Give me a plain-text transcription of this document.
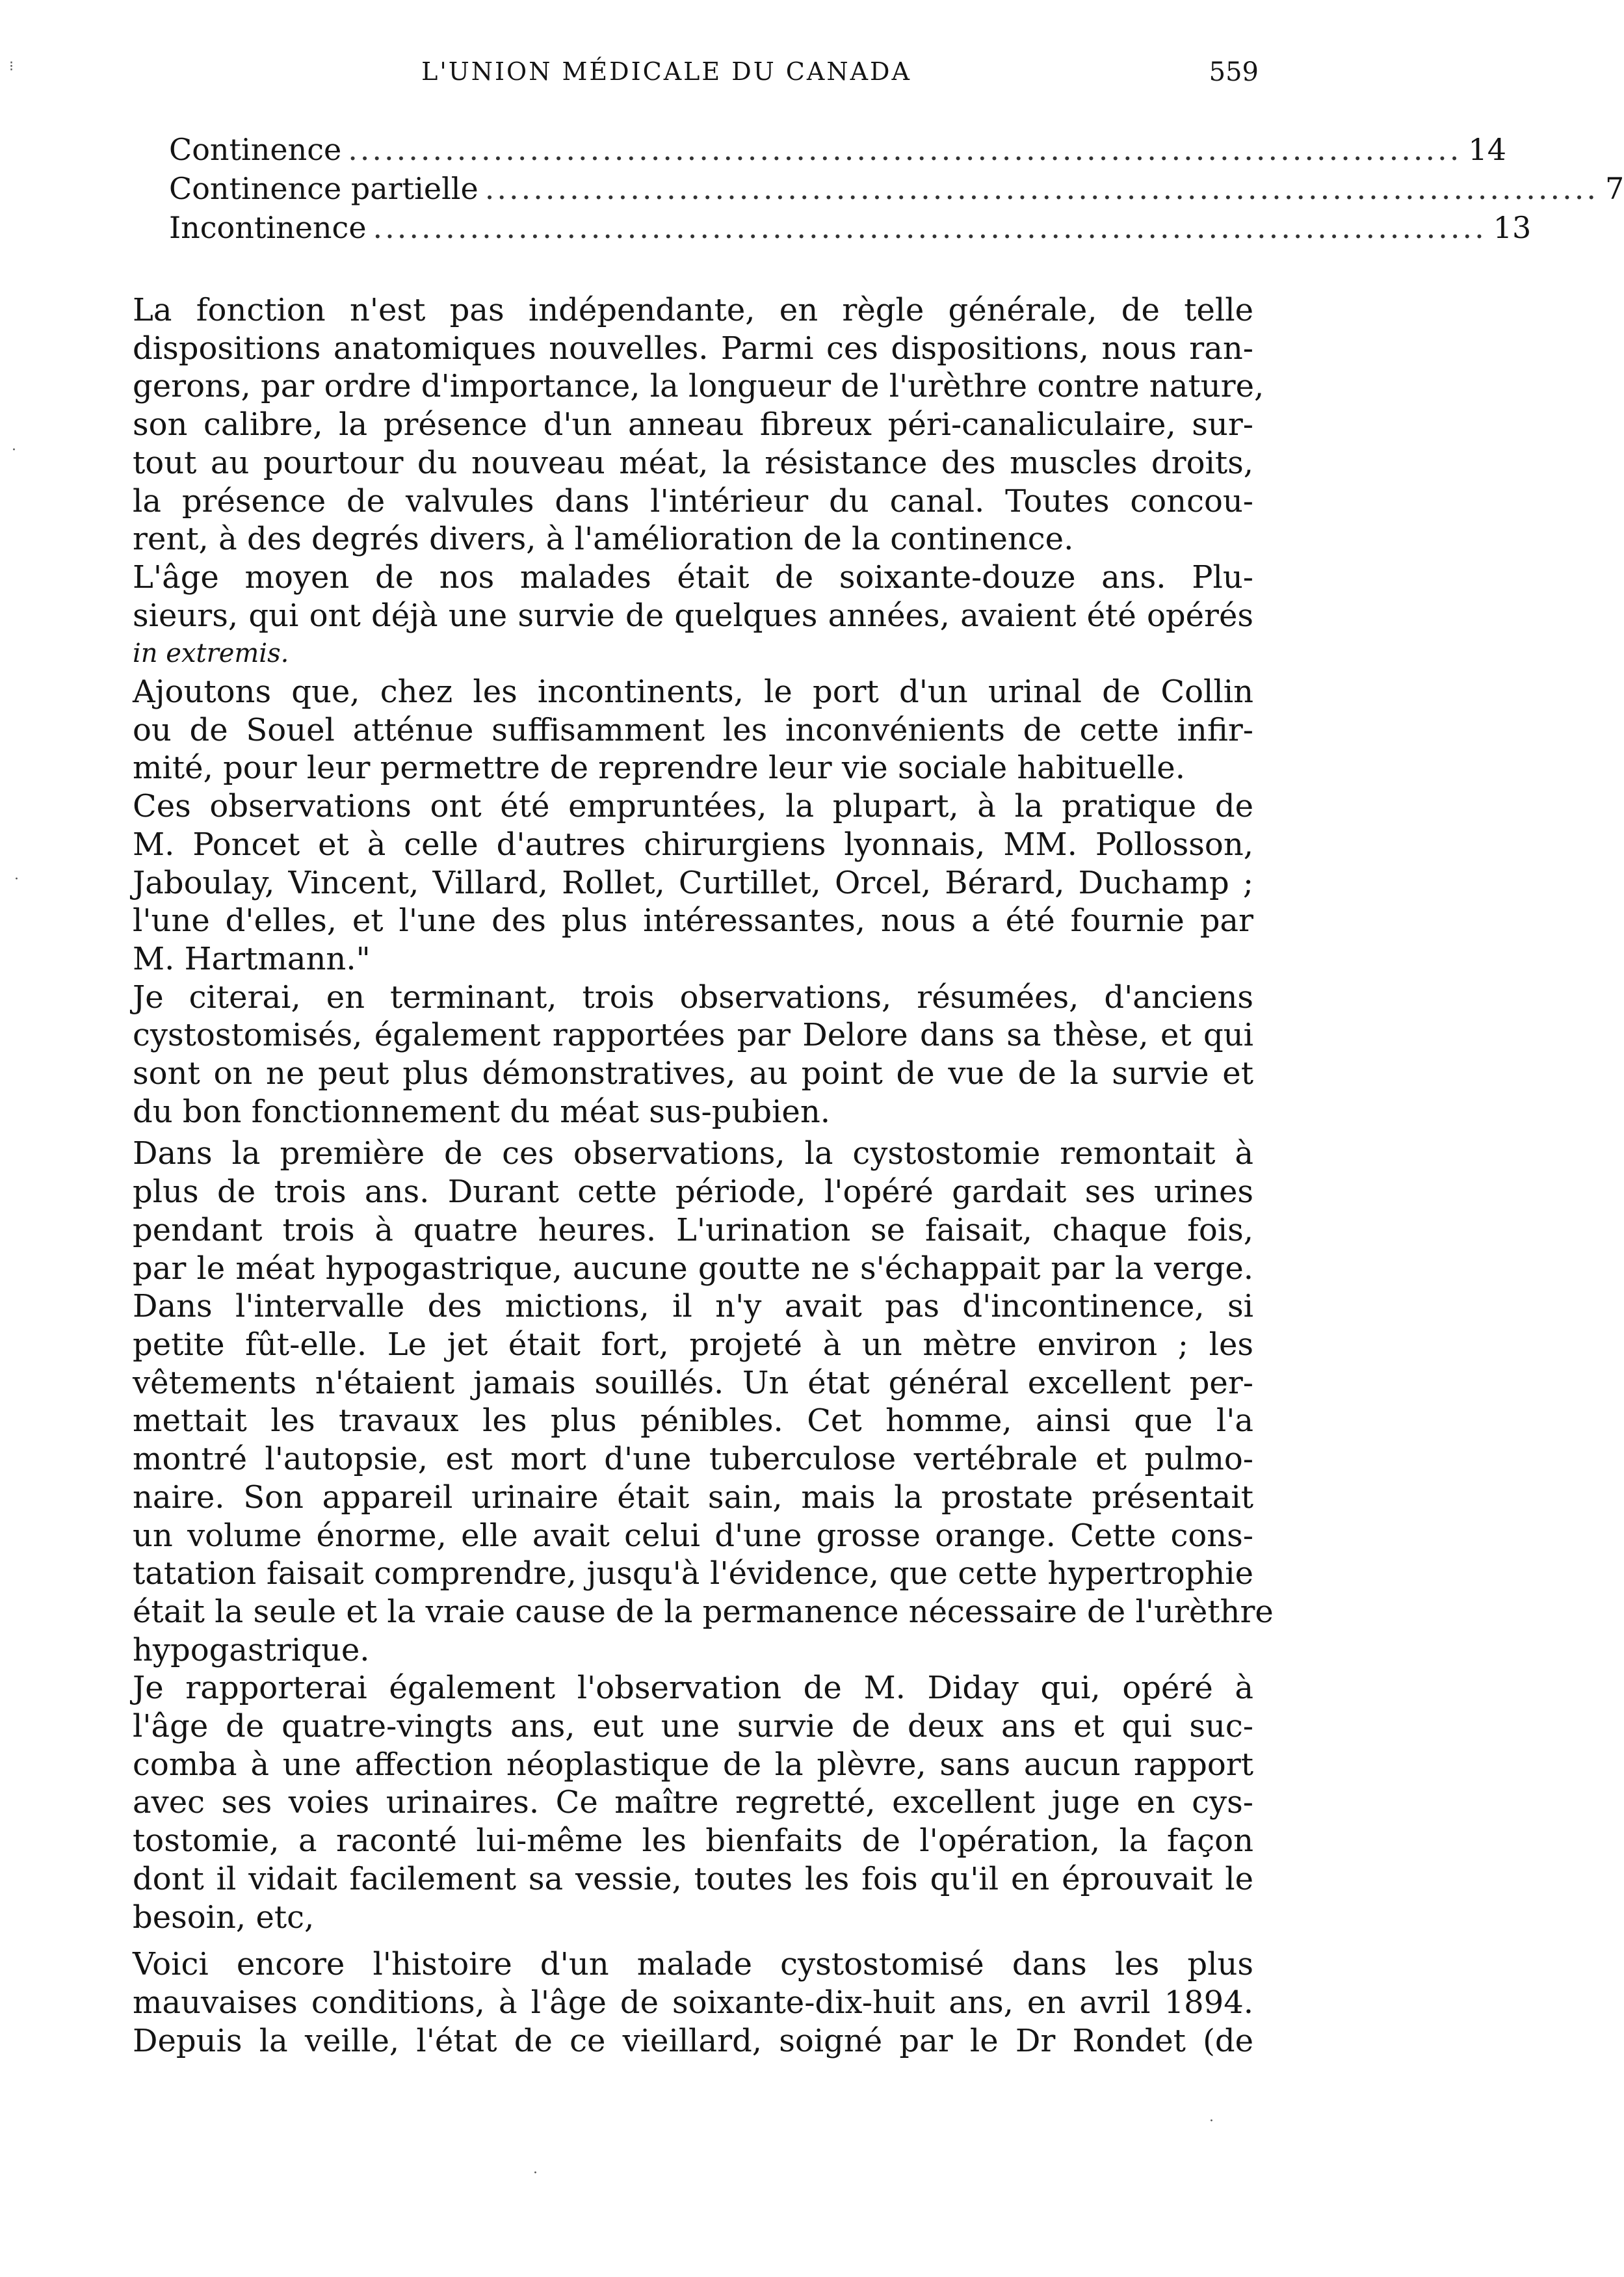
L'UNION MÉDICALE DU CANADA	559
Continence ............................................................................................ 14
Continence partielle ............................................................................................ 7
Incontinence ............................................................................................ 13
La fonction n'est pas indépendante, en règle générale, de telle
dispositions anatomiques nouvelles. Parmi ces dispositions, nous ran-
gerons, par ordre d'importance, la longueur de l'urèthre contre nature,
son calibre, la présence d'un anneau fibreux péri-canaliculaire, sur-
tout au pourtour du nouveau méat, la résistance des muscles droits,
la présence de valvules dans l'intérieur du canal. Toutes concou-
rent, à des degrés divers, à l'amélioration de la continence.
L'âge moyen de nos malades était de soixante-douze ans. Plu-
sieurs, qui ont déjà une survie de quelques années, avaient été opérés
in extremis.
Ajoutons que, chez les incontinents, le port d'un urinal de Collin
ou de Souel atténue suffisamment les inconvénients de cette infir-
mité, pour leur permettre de reprendre leur vie sociale habituelle.
Ces observations ont été empruntées, la plupart, à la pratique de
M. Poncet et à celle d'autres chirurgiens lyonnais, MM. Pollosson,
Jaboulay, Vincent, Villard, Rollet, Curtillet, Orcel, Bérard, Duchamp ;
l'une d'elles, et l'une des plus intéressantes, nous a été fournie par
M. Hartmann."
Je citerai, en terminant, trois observations, résumées, d'anciens
cystostomisés, également rapportées par Delore dans sa thèse, et qui
sont on ne peut plus démonstratives, au point de vue de la survie et
du bon fonctionnement du méat sus-pubien.
Dans la première de ces observations, la cystostomie remontait à
plus de trois ans. Durant cette période, l'opéré gardait ses urines
pendant trois à quatre heures. L'urination se faisait, chaque fois,
par le méat hypogastrique, aucune goutte ne s'échappait par la verge.
Dans l'intervalle des mictions, il n'y avait pas d'incontinence, si
petite fût-elle. Le jet était fort, projeté à un mètre environ ; les
vêtements n'étaient jamais souillés. Un état général excellent per-
mettait les travaux les plus pénibles. Cet homme, ainsi que l'a
montré l'autopsie, est mort d'une tuberculose vertébrale et pulmo-
naire. Son appareil urinaire était sain, mais la prostate présentait
un volume énorme, elle avait celui d'une grosse orange. Cette cons-
tatation faisait comprendre, jusqu'à l'évidence, que cette hypertrophie
était la seule et la vraie cause de la permanence nécessaire de l'urèthre
hypogastrique.
Je rapporterai également l'observation de M. Diday qui, opéré à
l'âge de quatre-vingts ans, eut une survie de deux ans et qui suc-
comba à une affection néoplastique de la plèvre, sans aucun rapport
avec ses voies urinaires. Ce maître regretté, excellent juge en cys-
tostomie, a raconté lui-même les bienfaits de l'opération, la façon
dont il vidait facilement sa vessie, toutes les fois qu'il en éprouvait le
besoin, etc,
Voici encore l'histoire d'un malade cystostomisé dans les plus
mauvaises conditions, à l'âge de soixante-dix-huit ans, en avril 1894.
Depuis la veille, l'état de ce vieillard, soigné par le Dr Rondet (de
⁝
·
·
·
·
